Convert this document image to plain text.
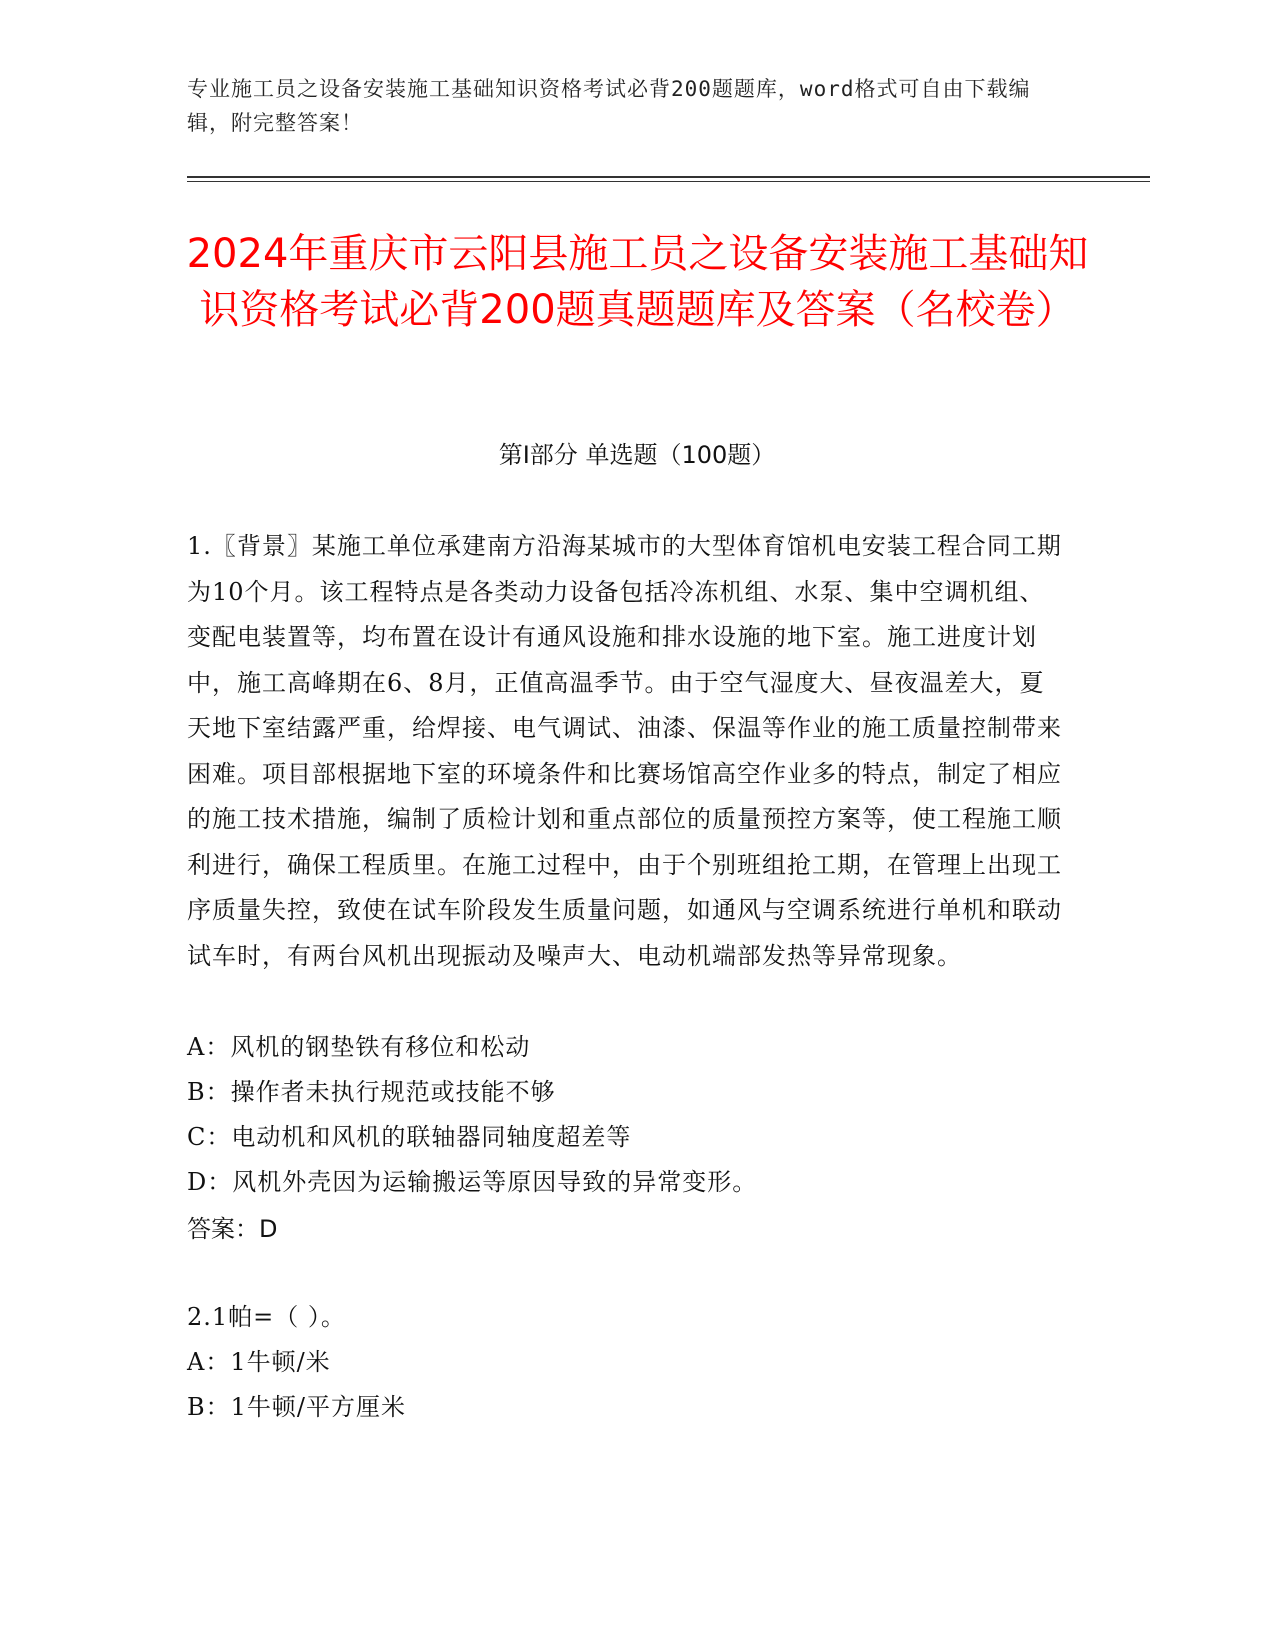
专业施工员之设备安装施工基础知识资格考试必背200题题库，word格式可自由下载编辑，附完整答案！
2024年重庆市云阳县施工员之设备安装施工基础知识资格考试必背200题真题题库及答案（名校卷）
第I部分 单选题（100题）
1.〖背景〗某施工单位承建南方沿海某城市的大型体育馆机电安装工程合同工期为10个月。该工程特点是各类动力设备包括冷冻机组、水泵、集中空调机组、变配电装置等，均布置在设计有通风设施和排水设施的地下室。施工进度计划中，施工高峰期在6、8月，正值高温季节。由于空气湿度大、昼夜温差大，夏天地下室结露严重，给焊接、电气调试、油漆、保温等作业的施工质量控制带来困难。项目部根据地下室的环境条件和比赛场馆高空作业多的特点，制定了相应的施工技术措施，编制了质检计划和重点部位的质量预控方案等，使工程施工顺利进行，确保工程质里。在施工过程中，由于个别班组抢工期，在管理上出现工序质量失控，致使在试车阶段发生质量问题，如通风与空调系统进行单机和联动试车时，有两台风机出现振动及噪声大、电动机端部发热等异常现象。
A：风机的钢垫铁有移位和松动
B：操作者未执行规范或技能不够
C：电动机和风机的联轴器同轴度超差等
D：风机外壳因为运输搬运等原因导致的异常变形。
答案：D
2.1帕=（ ）。
A：1牛顿/米
B：1牛顿/平方厘米
